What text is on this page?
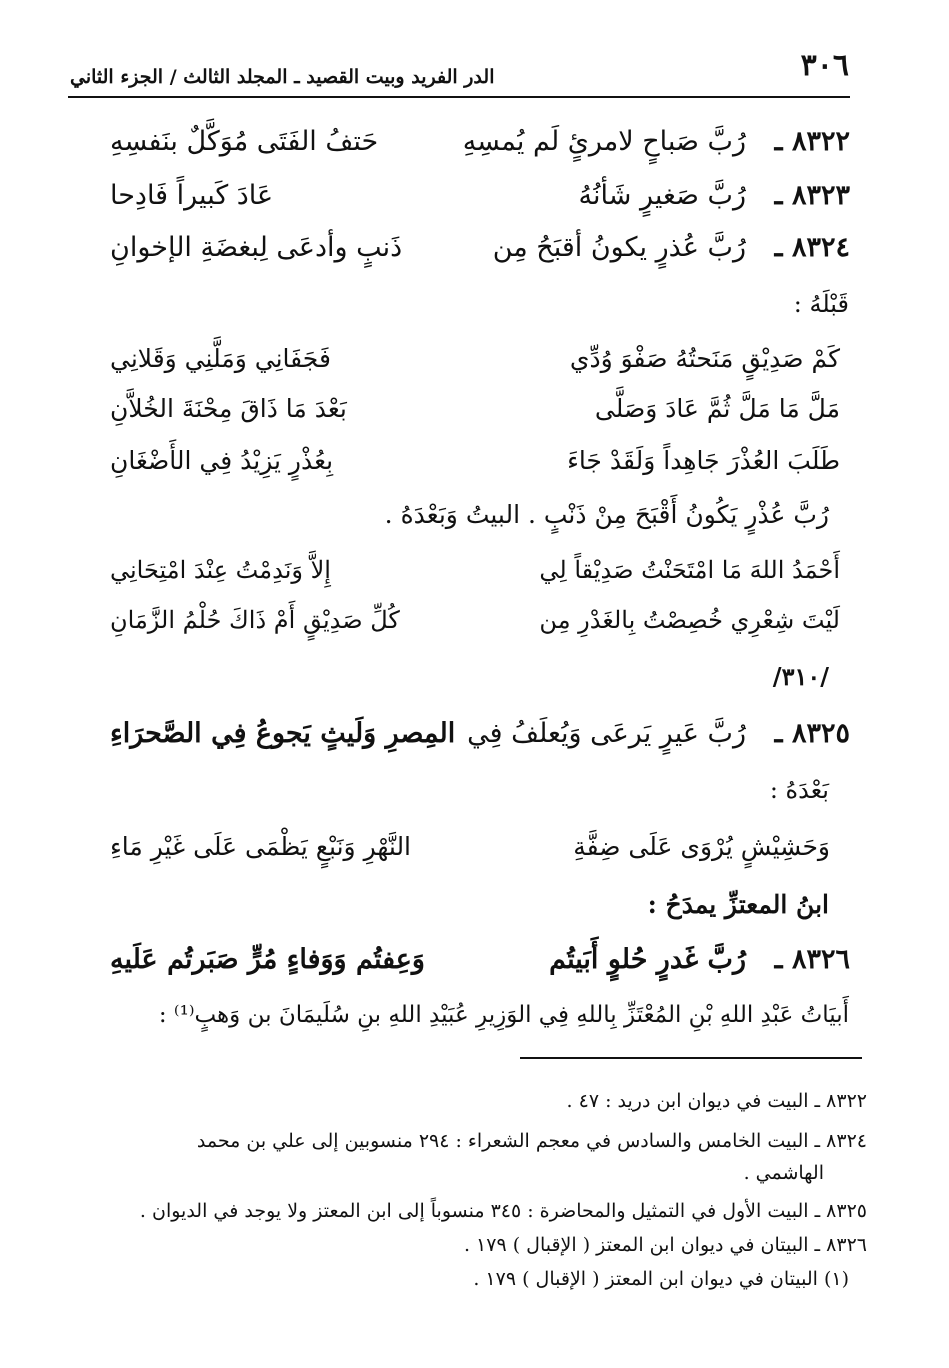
٣٠٦
الدر الفريد وبيت القصيد ـ المجلد الثالث / الجزء الثاني
٨٣٢٢ ـ
رُبَّ صَباحٍ لامرئٍ لَم يُمسِهِ
حَتفُ الفَتَى مُوَكَّلٌ بنَفسِهِ
٨٣٢٣ ـ
رُبَّ صَغيرٍ شَأنُهُ
عَادَ كَبيراً فَادِحا
٨٣٢٤ ـ
رُبَّ عُذرٍ يكونُ أقبَحُ مِن
ذَنبٍ وأدعَى لِبغضَةِ الإخوانِ
قَبْلَهُ :
كَمْ صَدِيْقٍ مَنَحتُهُ صَفْوَ وُدِّي
فَجَفَانِي وَمَلَّنِي وَقَلانِي
مَلَّ مَا مَلَّ ثُمَّ عَادَ وَصَلَّى
بَعْدَ مَا ذَاقَ مِحْنَةَ الخُلاَّنِ
طَلَبَ العُذْرَ جَاهِداً وَلَقَدْ جَاءَ
بِعُذْرٍ يَزِيْدُ فِي الأَضْغَانِ
رُبَّ عُذْرٍ يَكُونُ أَقْبَحَ مِنْ ذَنْبٍ . البيتُ وَبَعْدَهُ .
أَحْمَدُ اللهَ مَا امْتَحَنْتُ صَدِيْقاً لِي
إِلاَّ وَنَدِمْتُ عِنْدَ امْتِحَانِي
لَيْتَ شِعْرِي خُصِصْتُ بِالغَدْرِ مِن
كُلِّ صَدِيْقٍ أَمْ ذَاكَ حُلْمُ الزَّمَانِ
/٣١٠/
٨٣٢٥ ـ
رُبَّ عَيرٍ يَرعَى وَيُعلَفُ فِي
المِصرِ وَلَيثٍ يَجوعُ فِي الصَّحرَاءِ
بَعْدَهُ :
وَحَشِيْشٍ يُرْوَى عَلَى ضِفَّةِ
النَّهْرِ وَنَبْعٍ يَظْمَى عَلَى غَيْرِ مَاءِ
ابنُ المعتزِّ يمدَحُ :
٨٣٢٦ ـ
رُبَّ غَدرٍ حُلوٍ أَبَيتُم
وَعِفتُم وَوَفاءٍ مُرٍّ صَبَرتُم عَلَيهِ
أَبيَاتُ عَبْدِ اللهِ بْنِ المُعْتَزِّ بِاللهِ فِي الوَزِيرِ عُبَيْدِ اللهِ بنِ سُلَيمَانَ بن وَهبٍ⁽¹⁾ :
٨٣٢٢ ـ البيت في ديوان ابن دريد : ٤٧ .
٨٣٢٤ ـ البيت الخامس والسادس في معجم الشعراء : ٢٩٤ منسوبين إلى علي بن محمد
الهاشمي .
٨٣٢٥ ـ البيت الأول في التمثيل والمحاضرة : ٣٤٥ منسوباً إلى ابن المعتز ولا يوجد في الديوان .
٨٣٢٦ ـ البيتان في ديوان ابن المعتز ( الإقبال ) ١٧٩ .
(١) البيتان في ديوان ابن المعتز ( الإقبال ) ١٧٩ .
